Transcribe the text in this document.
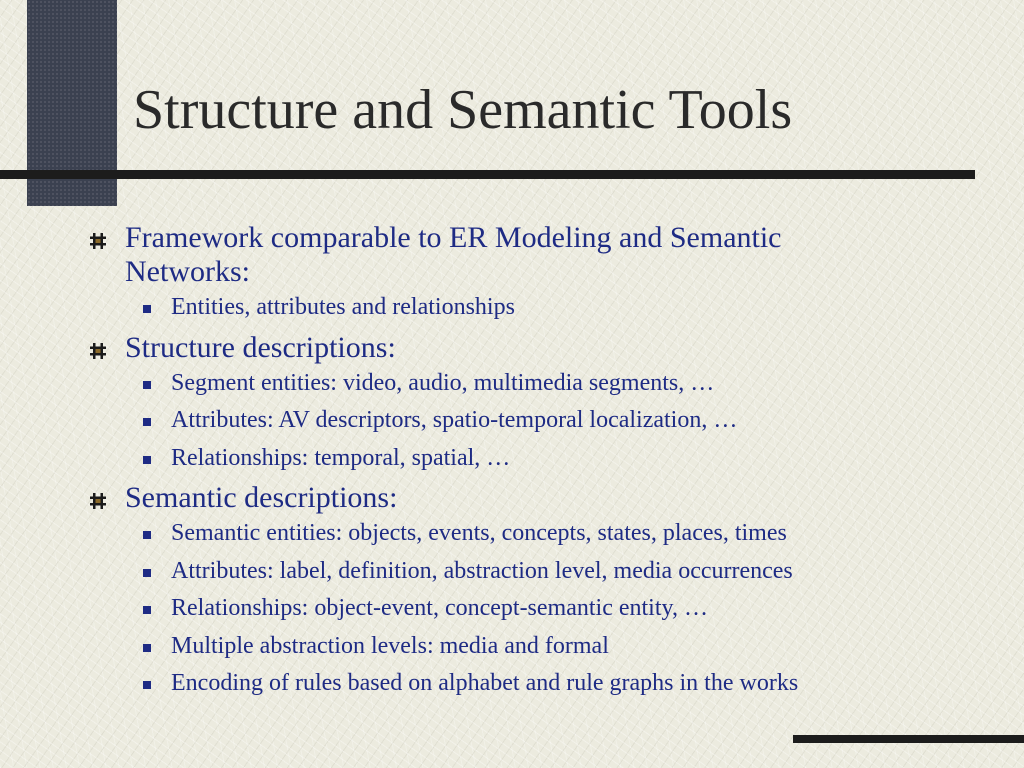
Structure and Semantic Tools
Framework comparable to ER Modeling and Semantic Networks:
Entities, attributes and relationships
Structure descriptions:
Segment entities: video, audio, multimedia segments, …
Attributes: AV descriptors, spatio-temporal localization, …
Relationships: temporal, spatial, …
Semantic descriptions:
Semantic entities: objects, events, concepts, states, places, times
Attributes: label, definition, abstraction level, media occurrences
Relationships: object-event, concept-semantic entity, …
Multiple abstraction levels: media and formal
Encoding of rules based on alphabet and rule graphs in the works
